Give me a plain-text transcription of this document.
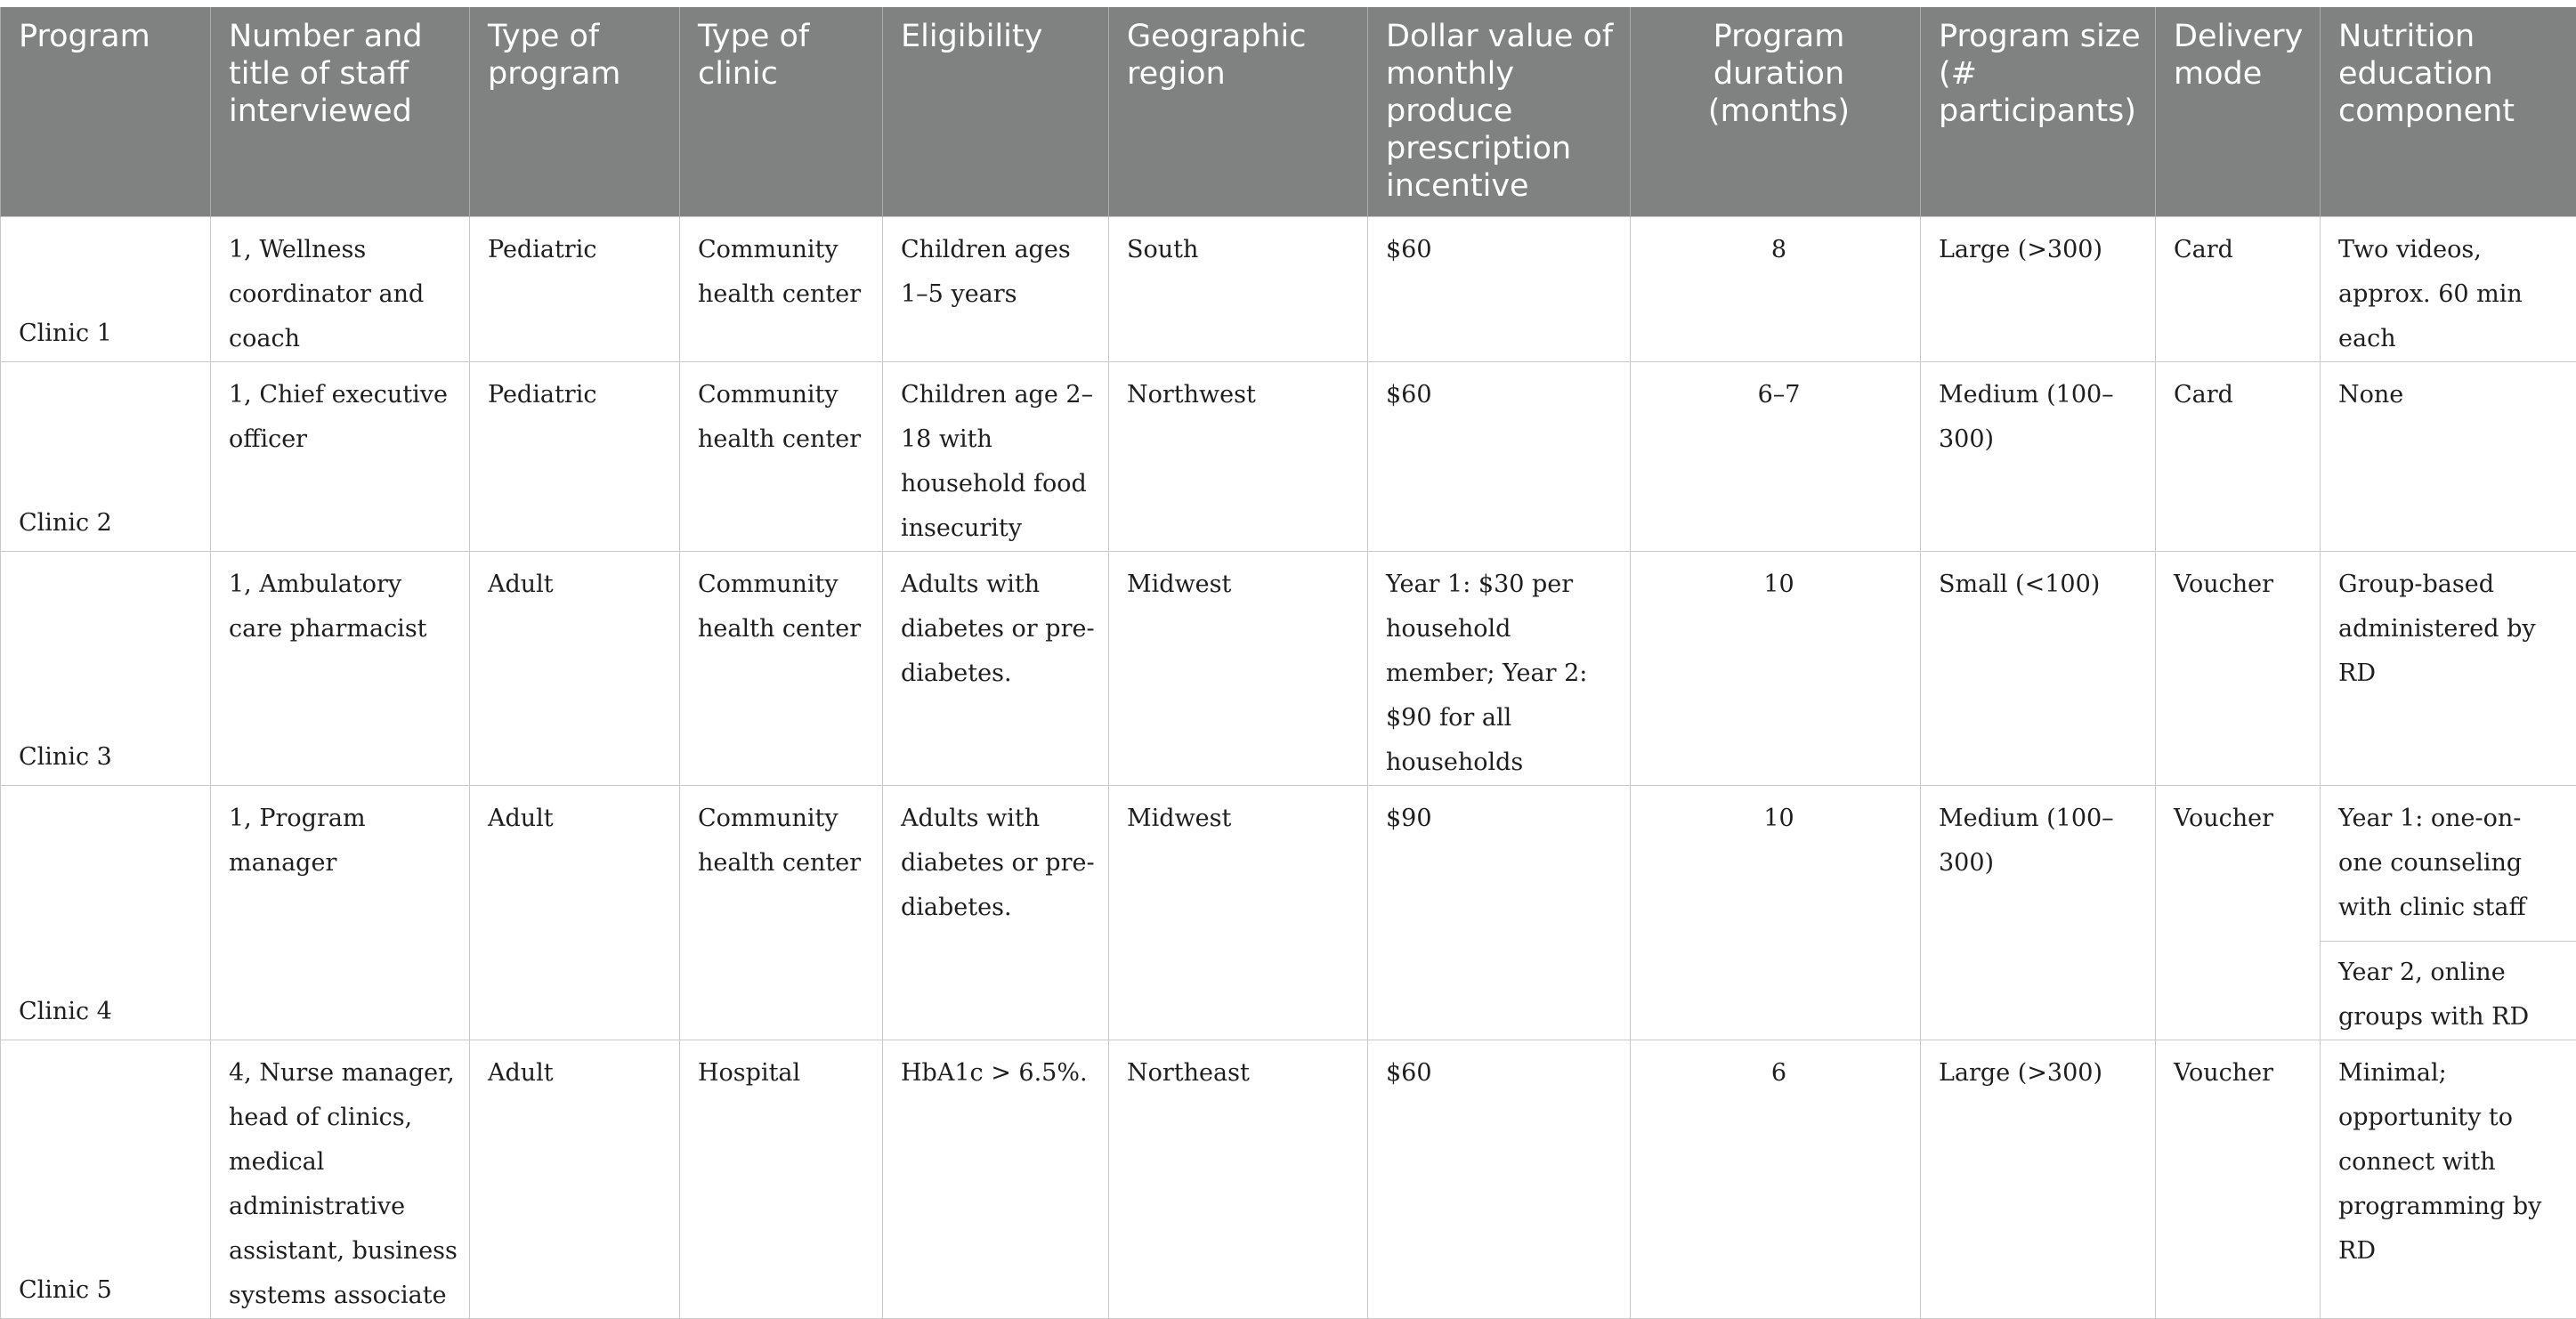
Program	Number and title of staff interviewed	Type of program	Type of clinic	Eligibility	Geographic region	Dollar value of monthly produce prescription incentive	Program duration (months)	Program size (# participants)	Delivery mode	Nutrition education component
Clinic 1	1, Wellness coordinator and coach	Pediatric	Community health center	Children ages 1–5 years	South	$60	8	Large (>300)	Card	Two videos, approx. 60 min each
Clinic 2	1, Chief executive officer	Pediatric	Community health center	Children age 2–18 with household food insecurity	Northwest	$60	6–7	Medium (100–300)	Card	None
Clinic 3	1, Ambulatory care pharmacist	Adult	Community health center	Adults with diabetes or pre-diabetes.	Midwest	Year 1: $30 per household member; Year 2: $90 for all households	10	Small (<100)	Voucher	Group-based administered by RD
Clinic 4	1, Program manager	Adult	Community health center	Adults with diabetes or pre-diabetes.	Midwest	$90	10	Medium (100–300)	Voucher	Year 1: one-on-one counseling with clinic staff
Year 2, online groups with RD

Clinic 5	4, Nurse manager, head of clinics, medical administrative assistant, business systems associate	Adult	Hospital	HbA1c > 6.5%.	Northeast	$60	6	Large (>300)	Voucher	Minimal; opportunity to connect with programming by RD
